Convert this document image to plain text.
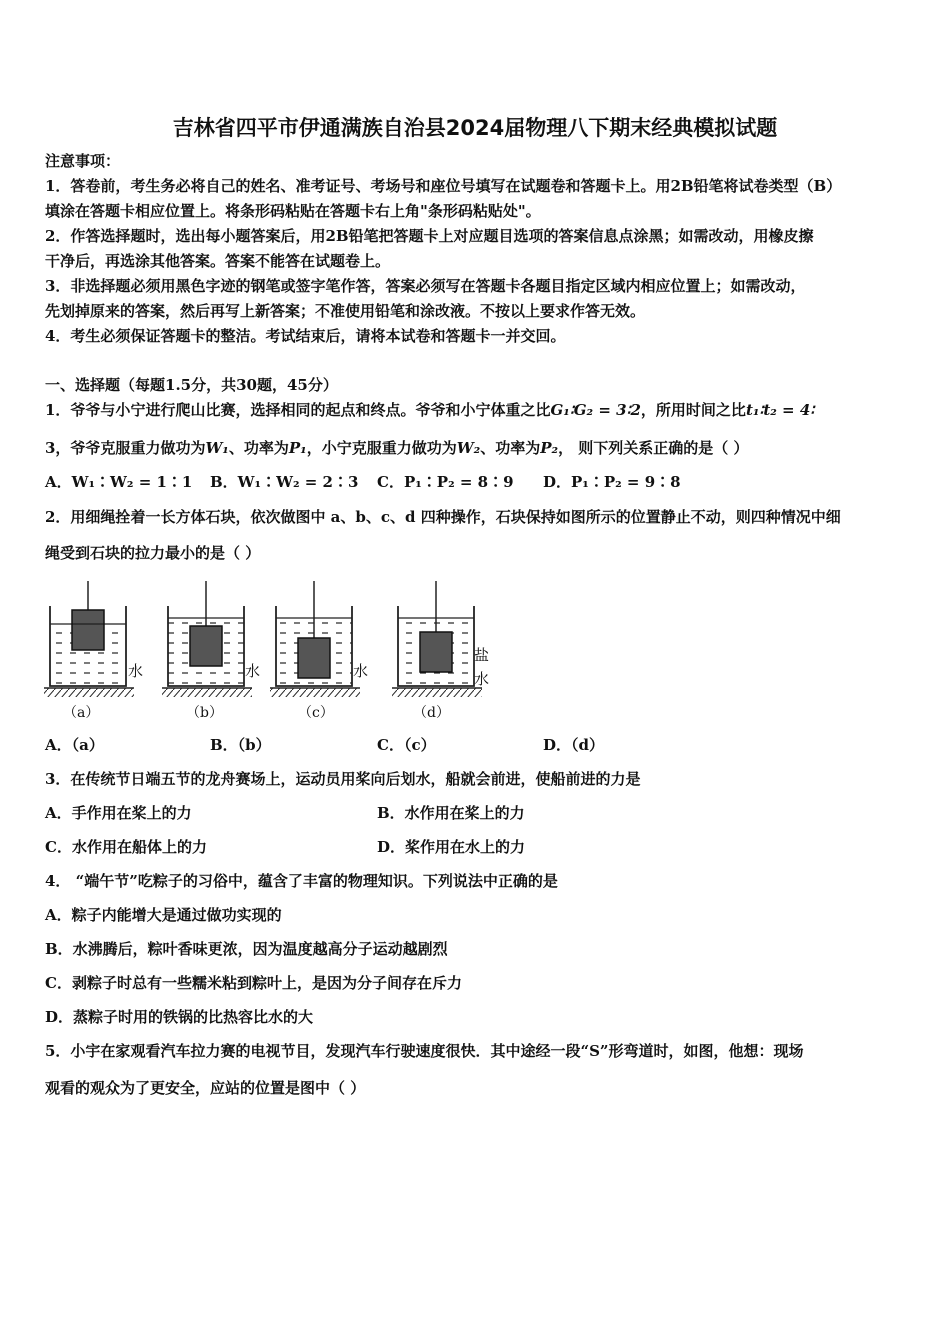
吉林省四平市伊通满族自治县2024届物理八下期末经典模拟试题
注意事项：
1．答卷前，考生务必将自己的姓名、准考证号、考场号和座位号填写在试题卷和答题卡上。用2B铅笔将试卷类型（B）
填涂在答题卡相应位置上。将条形码粘贴在答题卡右上角"条形码粘贴处"。
2．作答选择题时，选出每小题答案后，用2B铅笔把答题卡上对应题目选项的答案信息点涂黑；如需改动，用橡皮擦
干净后，再选涂其他答案。答案不能答在试题卷上。
3．非选择题必须用黑色字迹的钢笔或签字笔作答，答案必须写在答题卡各题目指定区域内相应位置上；如需改动，
先划掉原来的答案，然后再写上新答案；不准使用铅笔和涂改液。不按以上要求作答无效。
4．考生必须保证答题卡的整洁。考试结束后，请将本试卷和答题卡一并交回。
一、选择题（每题1.5分，共30题，45分）
1．爷爷与小宁进行爬山比赛，选择相同的起点和终点。爷爷和小宁体重之比G₁∶G₂ = 3∶2，所用时间之比t₁∶t₂ = 4∶
3，爷爷克服重力做功为W₁、功率为P₁，小宁克服重力做功为W₂、功率为P₂， 则下列关系正确的是（ ）
A．W₁∶W₂ = 1∶1 B．W₁∶W₂ = 2∶3 C．P₁∶P₂ = 8∶9 D．P₁∶P₂ = 9∶8
2．用细绳拴着一长方体石块，依次做图中 a、b、c、d 四种操作，石块保持如图所示的位置静止不动，则四种情况中细
绳受到石块的拉力最小的是（ ）
水	水	水
盐
水
（a）	（b）	（c）	（d）
A．（a）	B．（b）	C．（c）	D．（d）
3．在传统节日端五节的龙舟赛场上，运动员用桨向后划水，船就会前进，使船前进的力是
A．手作用在桨上的力	B．水作用在桨上的力
C．水作用在船体上的力	D．桨作用在水上的力
4． “端午节”吃粽子的习俗中，蕴含了丰富的物理知识。下列说法中正确的是
A．粽子内能增大是通过做功实现的
B．水沸腾后，粽叶香味更浓，因为温度越高分子运动越剧烈
C．剥粽子时总有一些糯米粘到粽叶上，是因为分子间存在斥力
D．蒸粽子时用的铁锅的比热容比水的大
5．小宇在家观看汽车拉力赛的电视节目，发现汽车行驶速度很快．其中途经一段“S”形弯道时，如图，他想：现场
观看的观众为了更安全，应站的位置是图中（ ）
